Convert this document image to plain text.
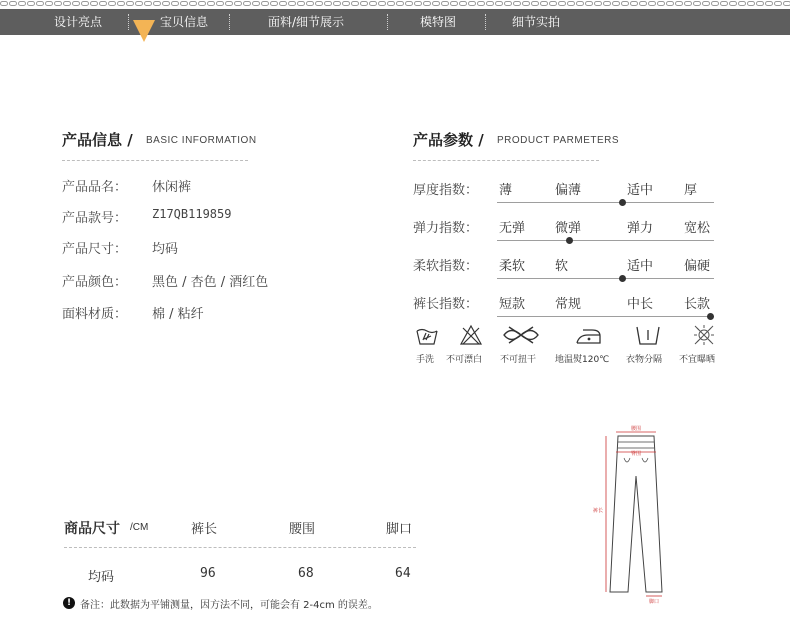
设计亮点	宝贝信息	面料/细节展示	模特图	细节实拍
产品信息 / BASIC INFORMATION
产品品名： 休闲裤
产品款号： Z17QB119859
产品尺寸： 均码
产品颜色： 黑色 / 杏色 / 酒红色
面料材质： 棉 / 粘纤
产品参数 / PRODUCT PARMETERS
厚度指数： 薄	偏薄	适中 厚
弹力指数： 无弹 微弹	弹力 宽松
柔软指数： 柔软 软	适中 偏硬
裤长指数： 短款 常规	中长 长款
手洗 不可漂白 不可扭干 地温熨120℃ 衣物分隔 不宜曝晒
商品尺寸 /CM	裤长	腰围	脚口
均码	96	68	64
! 备注：此数据为平铺测量，因方法不同，可能会有 2-4cm 的误差。
腰围
臀围
裤长
脚口
